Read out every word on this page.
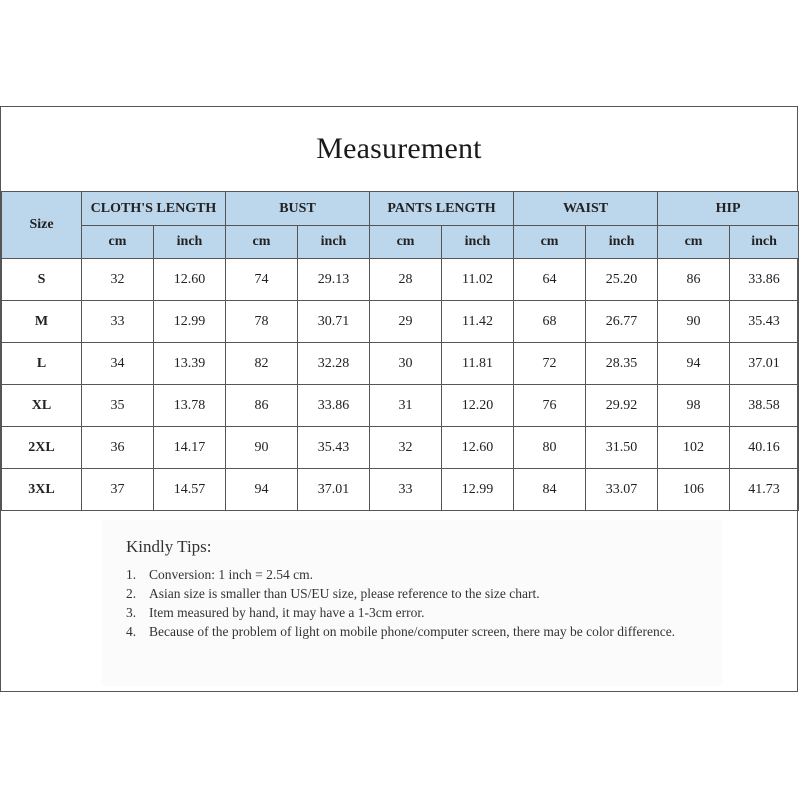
Measurement
Size	CLOTH'S LENGTH		BUST		PANTS LENGTH		WAIST		HIP	
	cm	inch	cm	inch	cm	inch	cm	inch	cm	inch
S	32	12.60	74	29.13	28	11.02	64	25.20	86	33.86
M	33	12.99	78	30.71	29	11.42	68	26.77	90	35.43
L	34	13.39	82	32.28	30	11.81	72	28.35	94	37.01
XL	35	13.78	86	33.86	31	12.20	76	29.92	98	38.58
2XL	36	14.17	90	35.43	32	12.60	80	31.50	102	40.16
3XL	37	14.57	94	37.01	33	12.99	84	33.07	106	41.73
Kindly Tips:
1. Conversion: 1 inch = 2.54 cm.
2. Asian size is smaller than US/EU size, please reference to the size chart.
3. Item measured by hand, it may have a 1-3cm error.
4. Because of the problem of light on mobile phone/computer screen, there may be color difference.
